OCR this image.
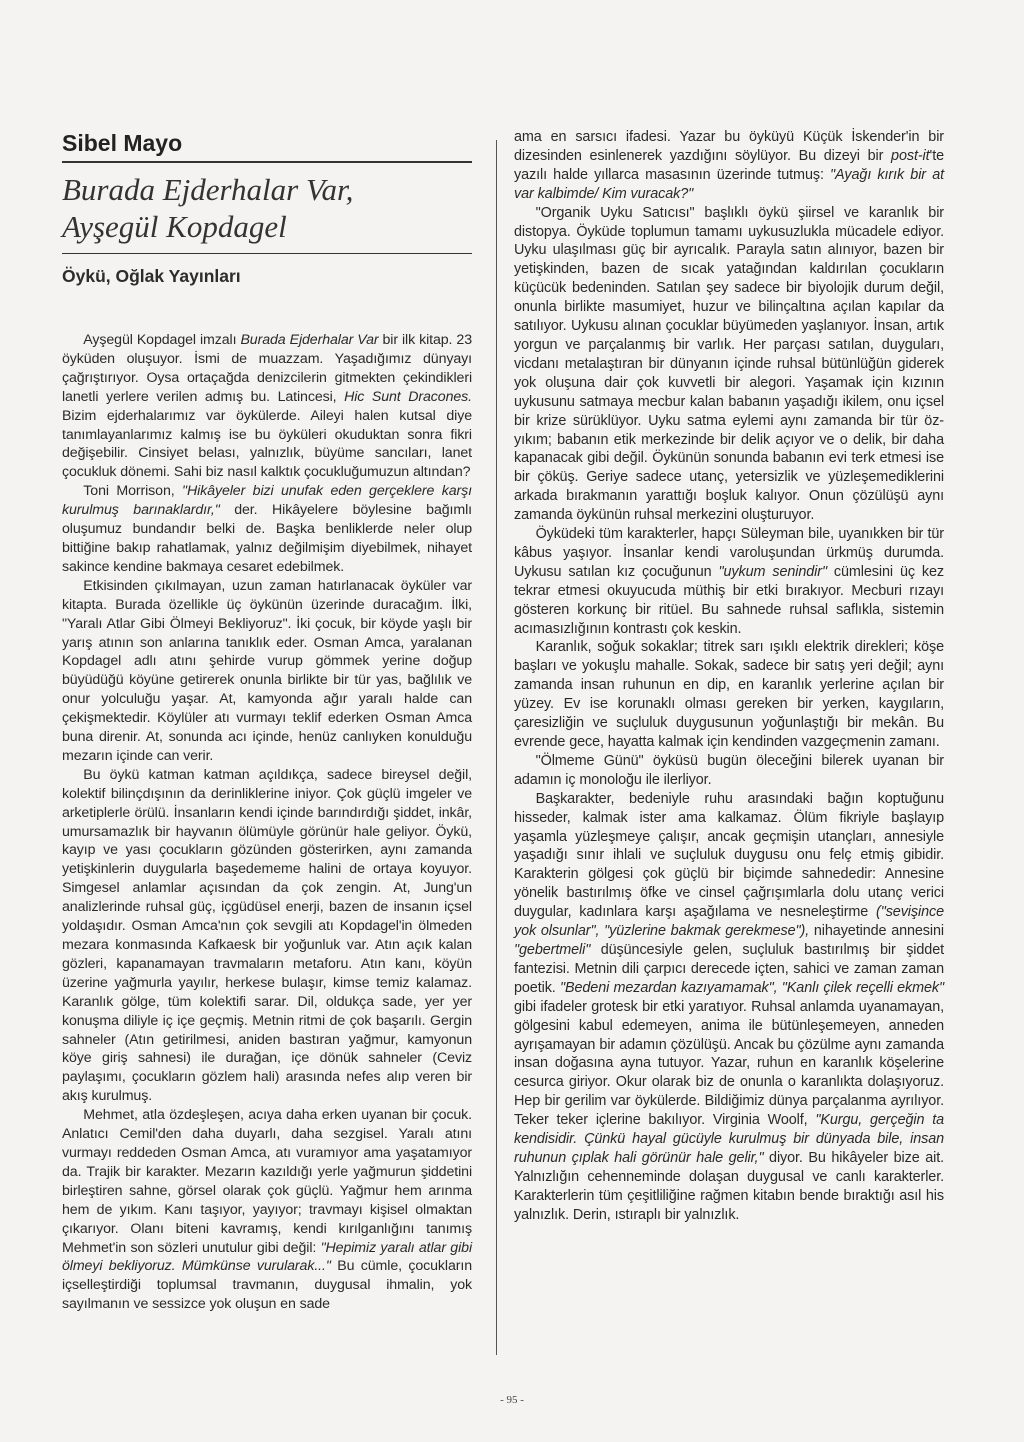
Sibel Mayo
Burada Ejderhalar Var,
Ayşegül Kopdagel
Öykü, Oğlak Yayınları

Ayşegül Kopdagel imzalı Burada Ejderhalar Var bir ilk kitap. 23 öyküden oluşuyor. İsmi de muazzam. Yaşadığımız dünyayı çağrıştırıyor. Oysa ortaçağda denizcilerin gitmekten çekindikleri lanetli yerlere verilen admış bu. Latincesi, Hic Sunt Dracones. Bizim ejderhalarımız var öykülerde. Aileyi halen kutsal diye tanımlayanlarımız kalmış ise bu öyküleri okuduktan sonra fikri değişebilir. Cinsiyet belası, yalnızlık, büyüme sancıları, lanet çocukluk dönemi. Sahi biz nasıl kalktık çocukluğumuzun altından?

Toni Morrison, "Hikâyeler bizi unufak eden gerçeklere karşı kurulmuş barınaklardır," der. Hikâyelere böylesine bağımlı oluşumuz bundandır belki de. Başka benliklerde neler olup bittiğine bakıp rahatlamak, yalnız değilmişim diyebilmek, nihayet sakince kendine bakmaya cesaret edebilmek.

Etkisinden çıkılmayan, uzun zaman hatırlanacak öyküler var kitapta. Burada özellikle üç öykünün üzerinde duracağım. İlki, "Yaralı Atlar Gibi Ölmeyi Bekliyoruz". İki çocuk, bir köyde yaşlı bir yarış atının son anlarına tanıklık eder. Osman Amca, yaralanan Kopdagel adlı atını şehirde vurup gömmek yerine doğup büyüdüğü köyüne getirerek onunla birlikte bir tür yas, bağlılık ve onur yolculuğu yaşar. At, kamyonda ağır yaralı halde can çekişmektedir. Köylüler atı vurmayı teklif ederken Osman Amca buna direnir. At, sonunda acı içinde, henüz canlıyken konulduğu mezarın içinde can verir.

Bu öykü katman katman açıldıkça, sadece bireysel değil, kolektif bilinçdışının da derinliklerine iniyor. Çok güçlü imgeler ve arketiplerle örülü. İnsanların kendi içinde barındırdığı şiddet, inkâr, umursamazlık bir hayvanın ölümüyle görünür hale geliyor. Öykü, kayıp ve yası çocukların gözünden gösterirken, aynı zamanda yetişkinlerin duygularla başedememe halini de ortaya koyuyor. Simgesel anlamlar açısından da çok zengin. At, Jung'un analizlerinde ruhsal güç, içgüdüsel enerji, bazen de insanın içsel yoldaşıdır. Osman Amca'nın çok sevgili atı Kopdagel'in ölmeden mezara konmasında Kafkaesk bir yoğunluk var. Atın açık kalan gözleri, kapanamayan travmaların metaforu. Atın kanı, köyün üzerine yağmurla yayılır, herkese bulaşır, kimse temiz kalamaz. Karanlık gölge, tüm kolektifi sarar. Dil, oldukça sade, yer yer konuşma diliyle iç içe geçmiş. Metnin ritmi de çok başarılı. Gergin sahneler (Atın getirilmesi, aniden bastıran yağmur, kamyonun köye giriş sahnesi) ile durağan, içe dönük sahneler (Ceviz paylaşımı, çocukların gözlem hali) arasında nefes alıp veren bir akış kurulmuş.

Mehmet, atla özdeşleşen, acıya daha erken uyanan bir çocuk. Anlatıcı Cemil'den daha duyarlı, daha sezgisel. Yaralı atını vurmayı reddeden Osman Amca, atı vuramıyor ama yaşatamıyor da. Trajik bir karakter. Mezarın kazıldığı yerle yağmurun şiddetini birleştiren sahne, görsel olarak çok güçlü. Yağmur hem arınma hem de yıkım. Kanı taşıyor, yayıyor; travmayı kişisel olmaktan çıkarıyor. Olanı biteni kavramış, kendi kırılganlığını tanımış Mehmet'in son sözleri unutulur gibi değil: "Hepimiz yaralı atlar gibi ölmeyi bekliyoruz. Mümkünse vurularak..." Bu cümle, çocukların içselleştirdiği toplumsal travmanın, duygusal ihmalin, yok sayılmanın ve sessizce yok oluşun en sade

ama en sarsıcı ifadesi. Yazar bu öyküyü Küçük İskender'in bir dizesinden esinlenerek yazdığını söylüyor. Bu dizeyi bir post-it'te yazılı halde yıllarca masasının üzerinde tutmuş: "Ayağı kırık bir at var kalbimde/ Kim vuracak?"

"Organik Uyku Satıcısı" başlıklı öykü şiirsel ve karanlık bir distopya. Öyküde toplumun tamamı uykusuzlukla mücadele ediyor. Uyku ulaşılması güç bir ayrıcalık. Parayla satın alınıyor, bazen bir yetişkinden, bazen de sıcak yatağından kaldırılan çocukların küçücük bedeninden. Satılan şey sadece bir biyolojik durum değil, onunla birlikte masumiyet, huzur ve bilinçaltına açılan kapılar da satılıyor. Uykusu alınan çocuklar büyümeden yaşlanıyor. İnsan, artık yorgun ve parçalanmış bir varlık. Her parçası satılan, duyguları, vicdanı metalaştıran bir dünyanın içinde ruhsal bütünlüğün giderek yok oluşuna dair çok kuvvetli bir alegori. Yaşamak için kızının uykusunu satmaya mecbur kalan babanın yaşadığı ikilem, onu içsel bir krize sürüklüyor. Uyku satma eylemi aynı zamanda bir tür öz-yıkım; babanın etik merkezinde bir delik açıyor ve o delik, bir daha kapanacak gibi değil. Öykünün sonunda babanın evi terk etmesi ise bir çöküş. Geriye sadece utanç, yetersizlik ve yüzleşemediklerini arkada bırakmanın yarattığı boşluk kalıyor. Onun çözülüşü aynı zamanda öykünün ruhsal merkezini oluşturuyor.

Öyküdeki tüm karakterler, hapçı Süleyman bile, uyanıkken bir tür kâbus yaşıyor. İnsanlar kendi varoluşundan ürkmüş durumda. Uykusu satılan kız çocuğunun "uykum senindir" cümlesini üç kez tekrar etmesi okuyucuda müthiş bir etki bırakıyor. Mecburi rızayı gösteren korkunç bir ritüel. Bu sahnede ruhsal saflıkla, sistemin acımasızlığının kontrastı çok keskin.

Karanlık, soğuk sokaklar; titrek sarı ışıklı elektrik direkleri; köşe başları ve yokuşlu mahalle. Sokak, sadece bir satış yeri değil; aynı zamanda insan ruhunun en dip, en karanlık yerlerine açılan bir yüzey. Ev ise korunaklı olması gereken bir yerken, kaygıların, çaresizliğin ve suçluluk duygusunun yoğunlaştığı bir mekân. Bu evrende gece, hayatta kalmak için kendinden vazgeçmenin zamanı.

"Ölmeme Günü" öyküsü bugün öleceğini bilerek uyanan bir adamın iç monoloğu ile ilerliyor.

Başkarakter, bedeniyle ruhu arasındaki bağın koptuğunu hisseder, kalmak ister ama kalkamaz. Ölüm fikriyle başlayıp yaşamla yüzleşmeye çalışır, ancak geçmişin utançları, annesiyle yaşadığı sınır ihlali ve suçluluk duygusu onu felç etmiş gibidir. Karakterin gölgesi çok güçlü bir biçimde sahnededir: Annesine yönelik bastırılmış öfke ve cinsel çağrışımlarla dolu utanç verici duygular, kadınlara karşı aşağılama ve nesneleştirme ("sevişince yok olsunlar", "yüzlerine bakmak gerekmese"), nihayetinde annesini "gebertmeli" düşüncesiyle gelen, suçluluk bastırılmış bir şiddet fantezisi. Metnin dili çarpıcı derecede içten, sahici ve zaman zaman poetik. "Bedeni mezardan kazıyamamak", "Kanlı çilek reçelli ekmek" gibi ifadeler grotesk bir etki yaratıyor. Ruhsal anlamda uyanamayan, gölgesini kabul edemeyen, anima ile bütünleşemeyen, anneden ayrışamayan bir adamın çözülüşü. Ancak bu çözülme aynı zamanda insan doğasına ayna tutuyor. Yazar, ruhun en karanlık köşelerine cesurca giriyor. Okur olarak biz de onunla o karanlıkta dolaşıyoruz. Hep bir gerilim var öykülerde. Bildiğimiz dünya parçalanma ayrılıyor. Teker teker içlerine bakılıyor. Virginia Woolf, "Kurgu, gerçeğin ta kendisidir. Çünkü hayal gücüyle kurulmuş bir dünyada bile, insan ruhunun çıplak hali görünür hale gelir," diyor. Bu hikâyeler bize ait. Yalnızlığın cehenneminde dolaşan duygusal ve canlı karakterler. Karakterlerin tüm çeşitliliğine rağmen kitabın bende bıraktığı asıl his yalnızlık. Derin, ıstıraplı bir yalnızlık.

- 95 -
